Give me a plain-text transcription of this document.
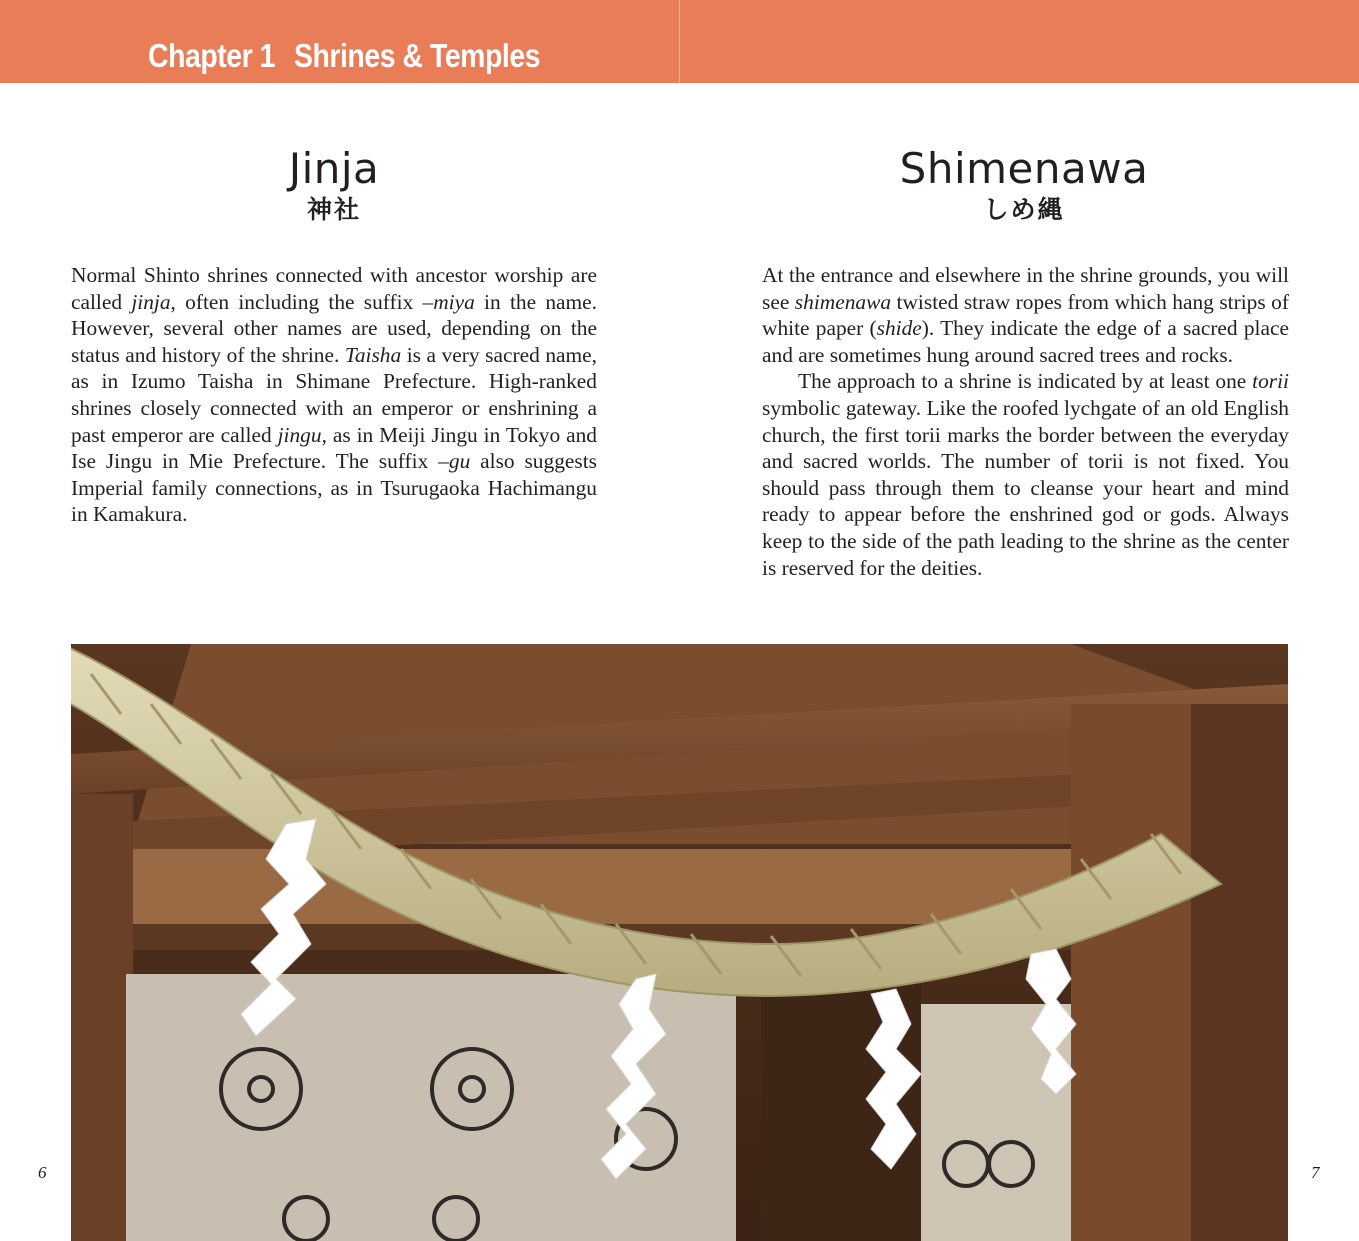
Chapter 1 Shrines & Temples
Jinja
神社
Shimenawa
しめ縄

Normal Shinto shrines connected with ancestor worship are called jinja, often including the suffix –miya in the name. However, several other names are used, depending on the status and history of the shrine. Taisha is a very sacred name, as in Izumo Taisha in Shimane Prefecture. High-ranked shrines closely connected with an emperor or enshrining a past emperor are called jingu, as in Meiji Jingu in Tokyo and Ise Jingu in Mie Prefecture. The suffix –gu also suggests Imperial family connections, as in Tsurugaoka Hachimangu in Kamakura.

At the entrance and elsewhere in the shrine grounds, you will see shimenawa twisted straw ropes from which hang strips of white paper (shide). They indicate the edge of a sacred place and are sometimes hung around sacred trees and rocks.

The approach to a shrine is indicated by at least one torii symbolic gateway. Like the roofed lychgate of an old English church, the first torii marks the border between the everyday and sacred worlds. The number of torii is not fixed. You should pass through them to cleanse your heart and mind ready to appear before the enshrined god or gods. Always keep to the side of the path leading to the shrine as the center is reserved for the deities.

6	7
